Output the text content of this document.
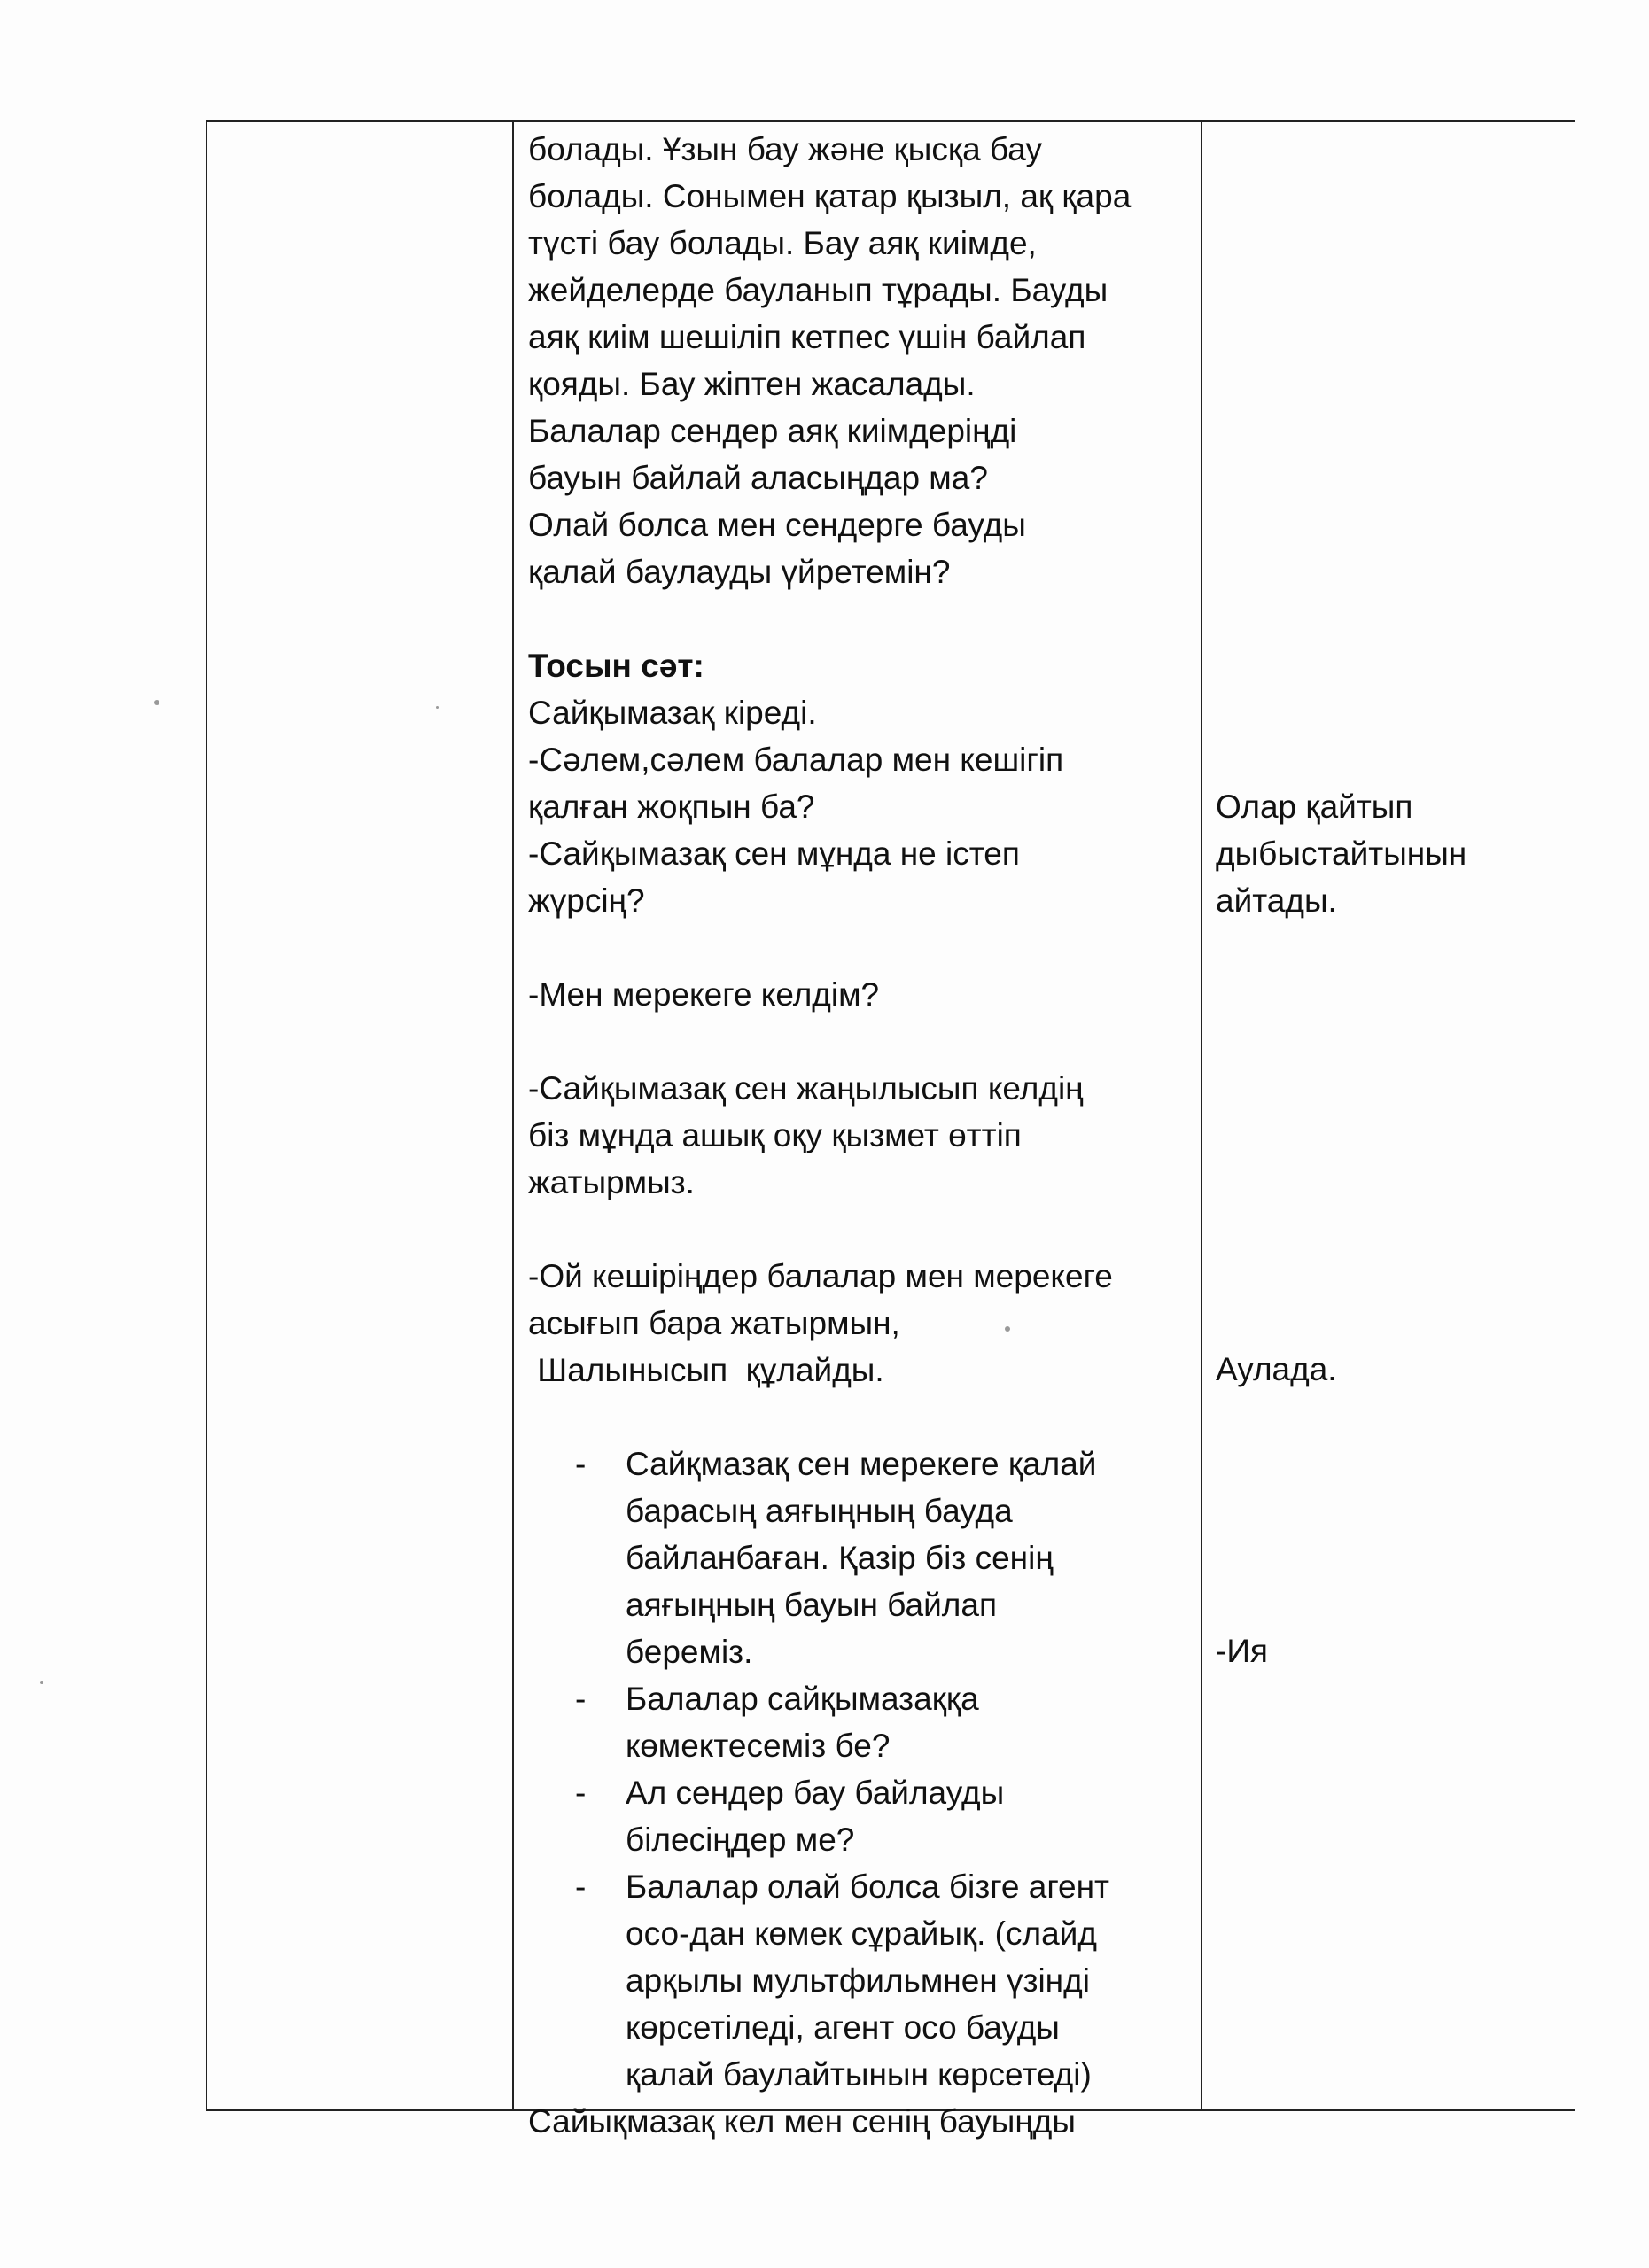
болады. Ұзын бау және қысқа бау
болады. Сонымен қатар қызыл, ақ қара
түсті бау болады. Бау аяқ киімде,
жейделерде бауланып тұрады. Бауды
аяқ киім шешіліп кетпес үшін байлап
қояды. Бау жіптен жасалады.
Балалар сендер аяқ киімдеріңді
бауын байлай аласыңдар ма?
Олай болса мен сендерге бауды
қалай баулауды үйретемін?
Тосын сәт:
Сайқымазақ кіреді.
-Сәлем,сәлем балалар мен кешігіп
қалған жоқпын ба?
-Сайқымазақ сен мұнда не істеп
жүрсің?
-Мен мерекеге келдім?
-Сайқымазақ сен жаңылысып келдің
біз мұнда ашық оқу қызмет өттіп
жатырмыз.
-Ой кешіріңдер балалар мен мерекеге
асығып бара жатырмын,
Шалынысып  құлайды.
- Сайқмазақ сен мерекеге қалай
барасың аяғыңның бауда
байланбаған. Қазір біз сенің
аяғыңның бауын байлап
береміз.
- Балалар сайқымазаққа
көмектесеміз бе?
- Ал сендер бау байлауды
білесіңдер ме?
- Балалар олай болса бізге агент
осо-дан көмек сұрайық. (слайд
арқылы мультфильмнен үзінді
көрсетіледі, агент осо бауды
қалай баулайтынын көрсетеді)
Сайықмазақ кел мен сенің бауыңды
Олар қайтып
дыбыстайтынын
айтады.
Аулада.
-Ия
